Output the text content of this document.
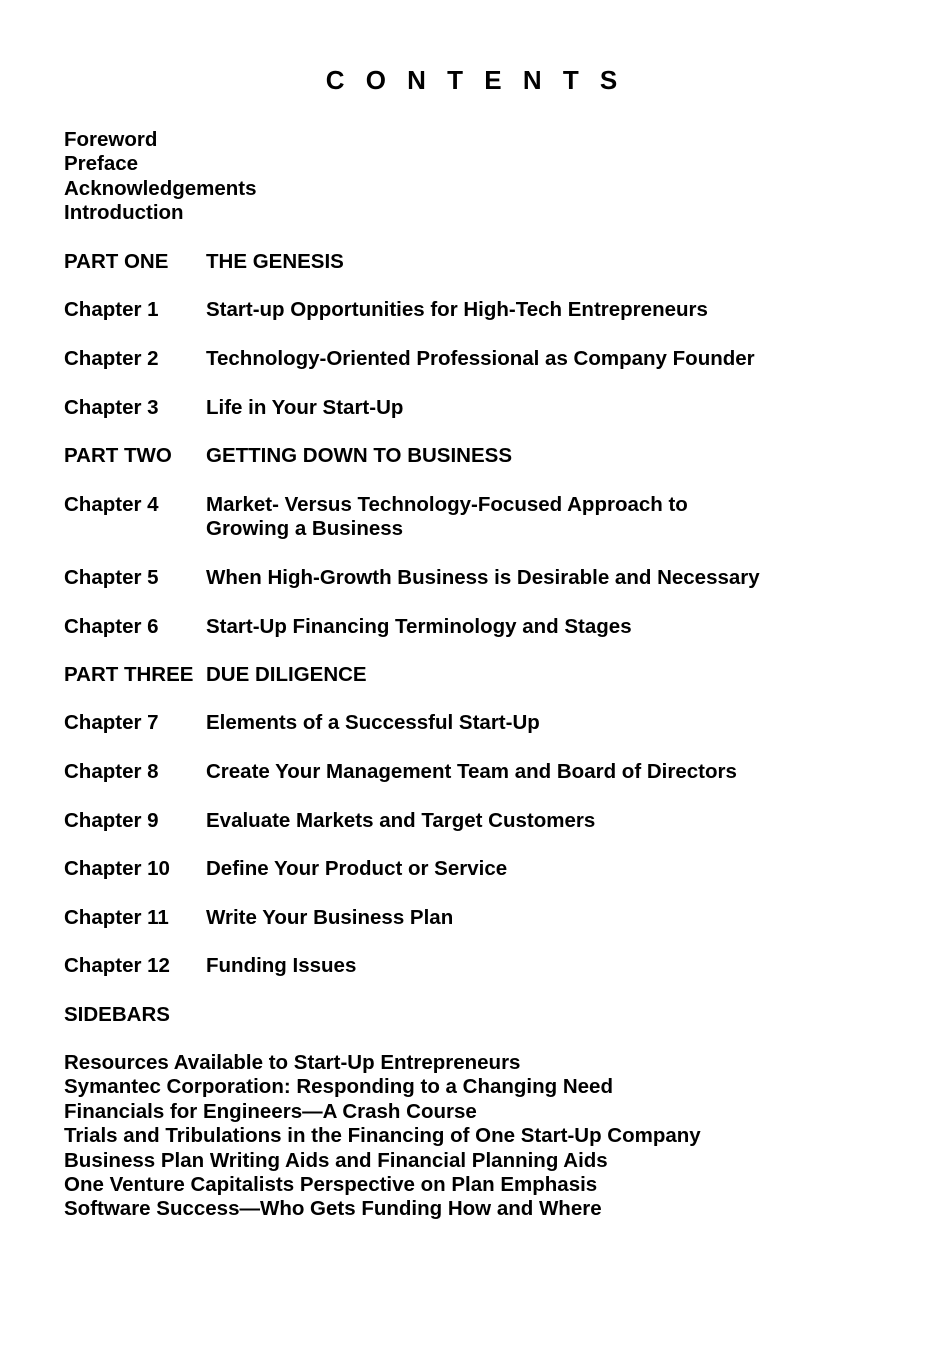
C O N T E N T S
Foreword
Preface
Acknowledgements
Introduction
PART ONE THE GENESIS
Chapter 1 Start-up Opportunities for High-Tech Entrepreneurs
Chapter 2 Technology-Oriented Professional as Company Founder
Chapter 3 Life in Your Start-Up
PART TWO GETTING DOWN TO BUSINESS
Chapter 4 Market- Versus Technology-Focused Approach to
Growing a Business
Chapter 5 When High-Growth Business is Desirable and Necessary
Chapter 6 Start-Up Financing Terminology and Stages
PART THREE DUE DILIGENCE
Chapter 7 Elements of a Successful Start-Up
Chapter 8 Create Your Management Team and Board of Directors
Chapter 9 Evaluate Markets and Target Customers
Chapter 10 Define Your Product or Service
Chapter 11 Write Your Business Plan
Chapter 12 Funding Issues
SIDEBARS
Resources Available to Start-Up Entrepreneurs
Symantec Corporation: Responding to a Changing Need
Financials for Engineers—A Crash Course
Trials and Tribulations in the Financing of One Start-Up Company
Business Plan Writing Aids and Financial Planning Aids
One Venture Capitalists Perspective on Plan Emphasis
Software Success—Who Gets Funding How and Where
